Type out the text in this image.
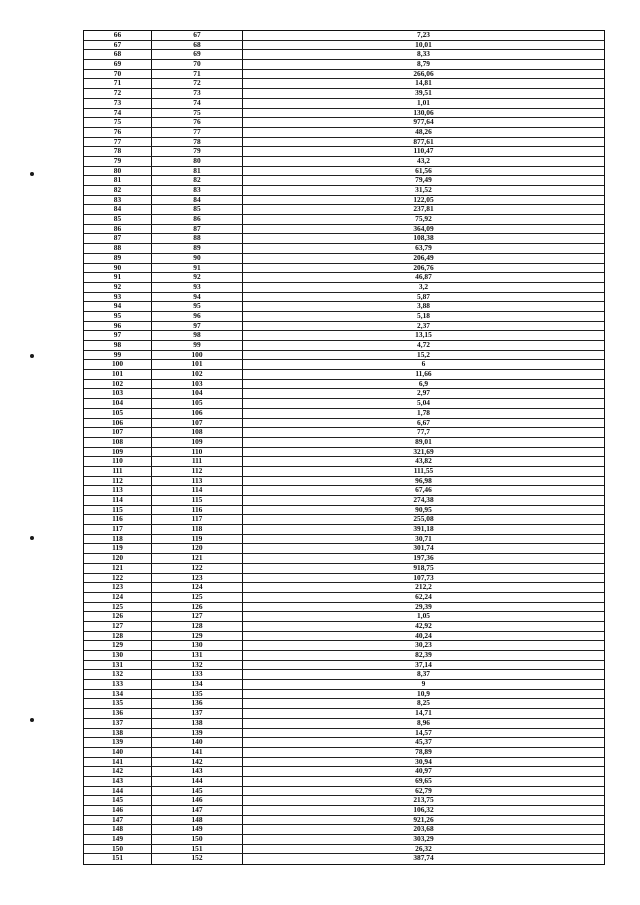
66	67	7,23
67	68	10,01
68	69	8,33
69	70	8,79
70	71	266,06
71	72	14,81
72	73	39,51
73	74	1,01
74	75	130,06
75	76	977,64
76	77	48,26
77	78	877,61
78	79	110,47
79	80	43,2
80	81	61,56
81	82	79,49
82	83	31,52
83	84	122,05
84	85	237,81
85	86	75,92
86	87	364,09
87	88	108,38
88	89	63,79
89	90	206,49
90	91	206,76
91	92	46,87
92	93	3,2
93	94	5,87
94	95	3,88
95	96	5,18
96	97	2,37
97	98	13,15
98	99	4,72
99	100	15,2
100	101	6
101	102	11,66
102	103	6,9
103	104	2,97
104	105	5,04
105	106	1,78
106	107	6,67
107	108	77,7
108	109	89,01
109	110	321,69
110	111	43,82
111	112	111,55
112	113	96,98
113	114	67,46
114	115	274,38
115	116	90,95
116	117	255,08
117	118	391,18
118	119	30,71
119	120	301,74
120	121	197,36
121	122	918,75
122	123	107,73
123	124	212,2
124	125	62,24
125	126	29,39
126	127	1,05
127	128	42,92
128	129	40,24
129	130	30,23
130	131	82,39
131	132	37,14
132	133	8,37
133	134	9
134	135	10,9
135	136	8,25
136	137	14,71
137	138	8,96
138	139	14,57
139	140	45,37
140	141	78,89
141	142	30,94
142	143	40,97
143	144	69,65
144	145	62,79
145	146	213,75
146	147	106,32
147	148	921,26
148	149	203,68
149	150	303,29
150	151	26,32
151	152	387,74
